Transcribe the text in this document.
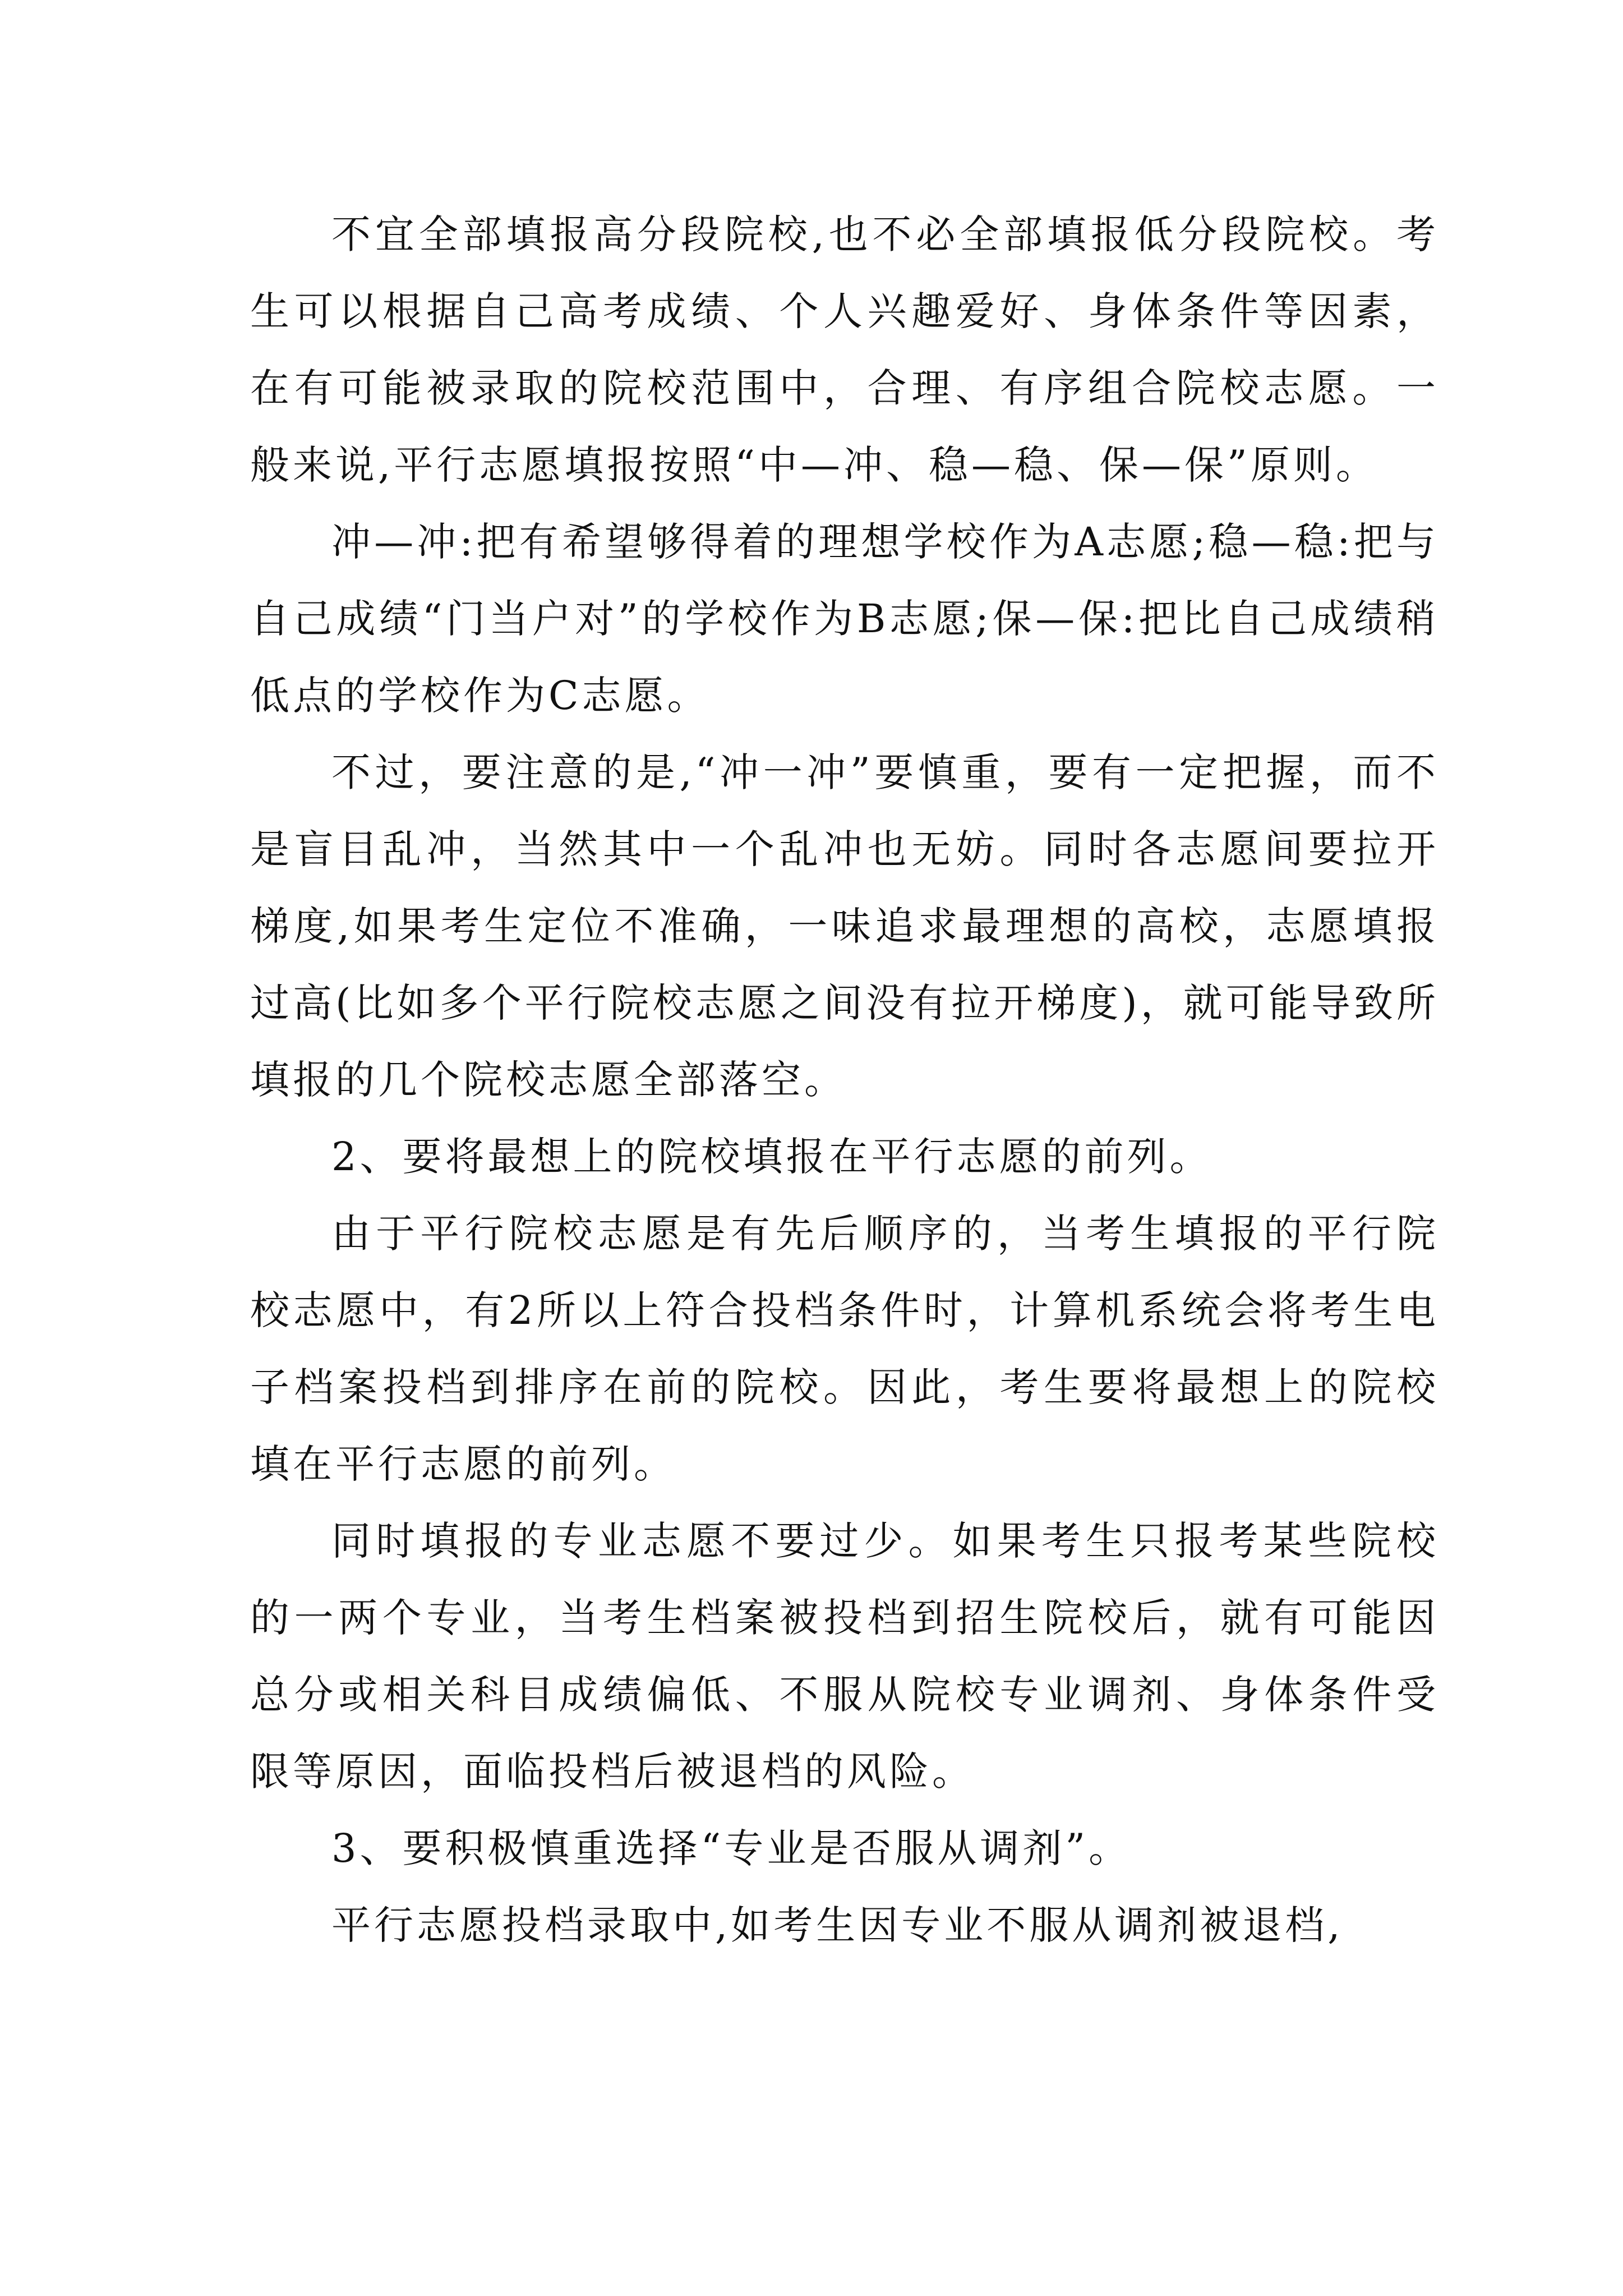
不宜全部填报高分段院校,也不必全部填报低分段院校。考生可以根据自己高考成绩、个人兴趣爱好、身体条件等因素，在有可能被录取的院校范围中，合理、有序组合院校志愿。一般来说,平行志愿填报按照“中—冲、稳—稳、保—保”原则。

冲—冲:把有希望够得着的理想学校作为A志愿;稳—稳:把与自己成绩“门当户对”的学校作为B志愿;保—保:把比自己成绩稍低点的学校作为C志愿。

不过，要注意的是,“冲一冲”要慎重，要有一定把握，而不是盲目乱冲，当然其中一个乱冲也无妨。同时各志愿间要拉开梯度,如果考生定位不准确，一味追求最理想的高校，志愿填报过高(比如多个平行院校志愿之间没有拉开梯度)，就可能导致所填报的几个院校志愿全部落空。

2、要将最想上的院校填报在平行志愿的前列。

由于平行院校志愿是有先后顺序的，当考生填报的平行院校志愿中，有2所以上符合投档条件时，计算机系统会将考生电子档案投档到排序在前的院校。因此，考生要将最想上的院校填在平行志愿的前列。

同时填报的专业志愿不要过少。如果考生只报考某些院校的一两个专业，当考生档案被投档到招生院校后，就有可能因总分或相关科目成绩偏低、不服从院校专业调剂、身体条件受限等原因，面临投档后被退档的风险。

3、要积极慎重选择“专业是否服从调剂”。

平行志愿投档录取中,如考生因专业不服从调剂被退档,
